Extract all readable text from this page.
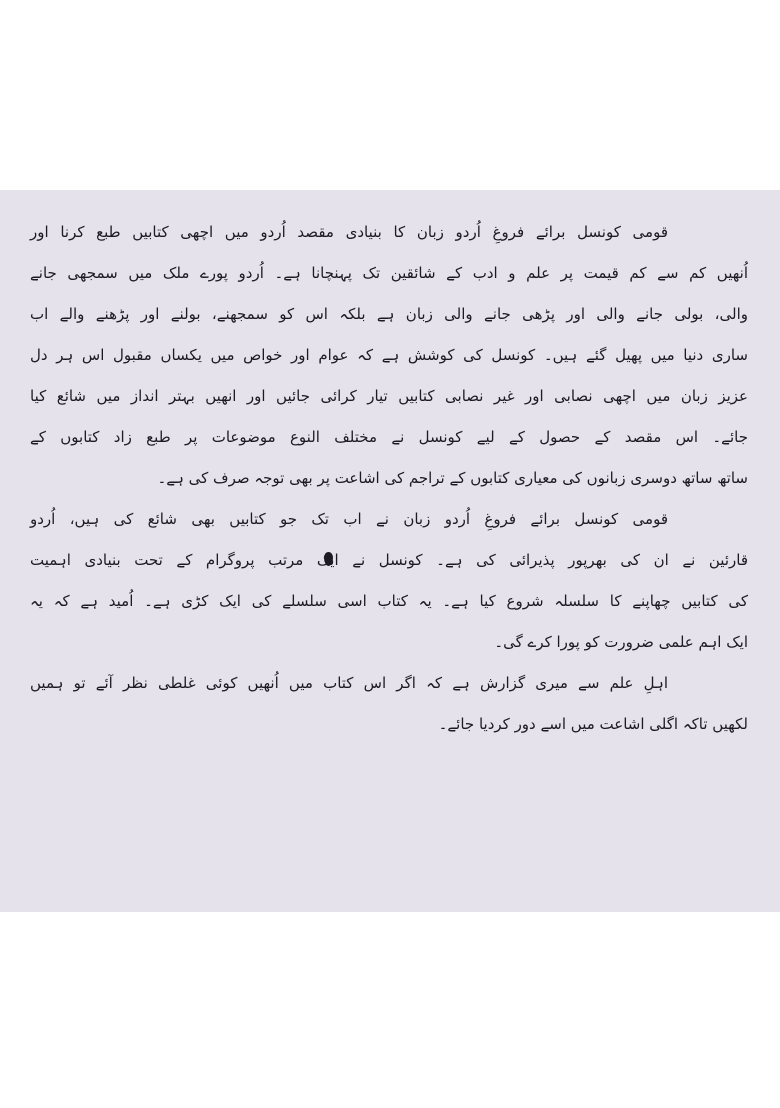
قومی کونسل برائے فروغِ اُردو زبان کا بنیادی مقصد اُردو میں اچھی کتابیں طبع کرنا اور
اُنھیں کم سے کم قیمت پر علم و ادب کے شائقین تک پہنچانا ہے۔ اُردو پورے ملک میں سمجھی جانے
والی، بولی جانے والی اور پڑھی جانے والی زبان ہے بلکہ اس کو سمجھنے، بولنے اور پڑھنے والے اب
ساری دنیا میں پھیل گئے ہیں۔ کونسل کی کوشش ہے کہ عوام اور خواص میں یکساں مقبول اس ہر دل
عزیز زبان میں اچھی نصابی اور غیر نصابی کتابیں تیار کرائی جائیں اور انھیں بہتر انداز میں شائع کیا
جائے۔ اس مقصد کے حصول کے لیے کونسل نے مختلف النوع موضوعات پر طبع زاد کتابوں کے
ساتھ ساتھ دوسری زبانوں کی معیاری کتابوں کے تراجم کی اشاعت پر بھی توجہ صرف کی ہے۔
قومی کونسل برائے فروغِ اُردو زبان نے اب تک جو کتابیں بھی شائع کی ہیں، اُردو
قارئین نے ان کی بھرپور پذیرائی کی ہے۔ کونسل نے ایک مرتب پروگرام کے تحت بنیادی اہمیت
کی کتابیں چھاپنے کا سلسلہ شروع کیا ہے۔ یہ کتاب اسی سلسلے کی ایک کڑی ہے۔ اُمید ہے کہ یہ
ایک اہم علمی ضرورت کو پورا کرے گی۔
اہلِ علم سے میری گزارش ہے کہ اگر اس کتاب میں اُنھیں کوئی غلطی نظر آئے تو ہمیں
لکھیں تاکہ اگلی اشاعت میں اسے دور کردیا جائے۔
